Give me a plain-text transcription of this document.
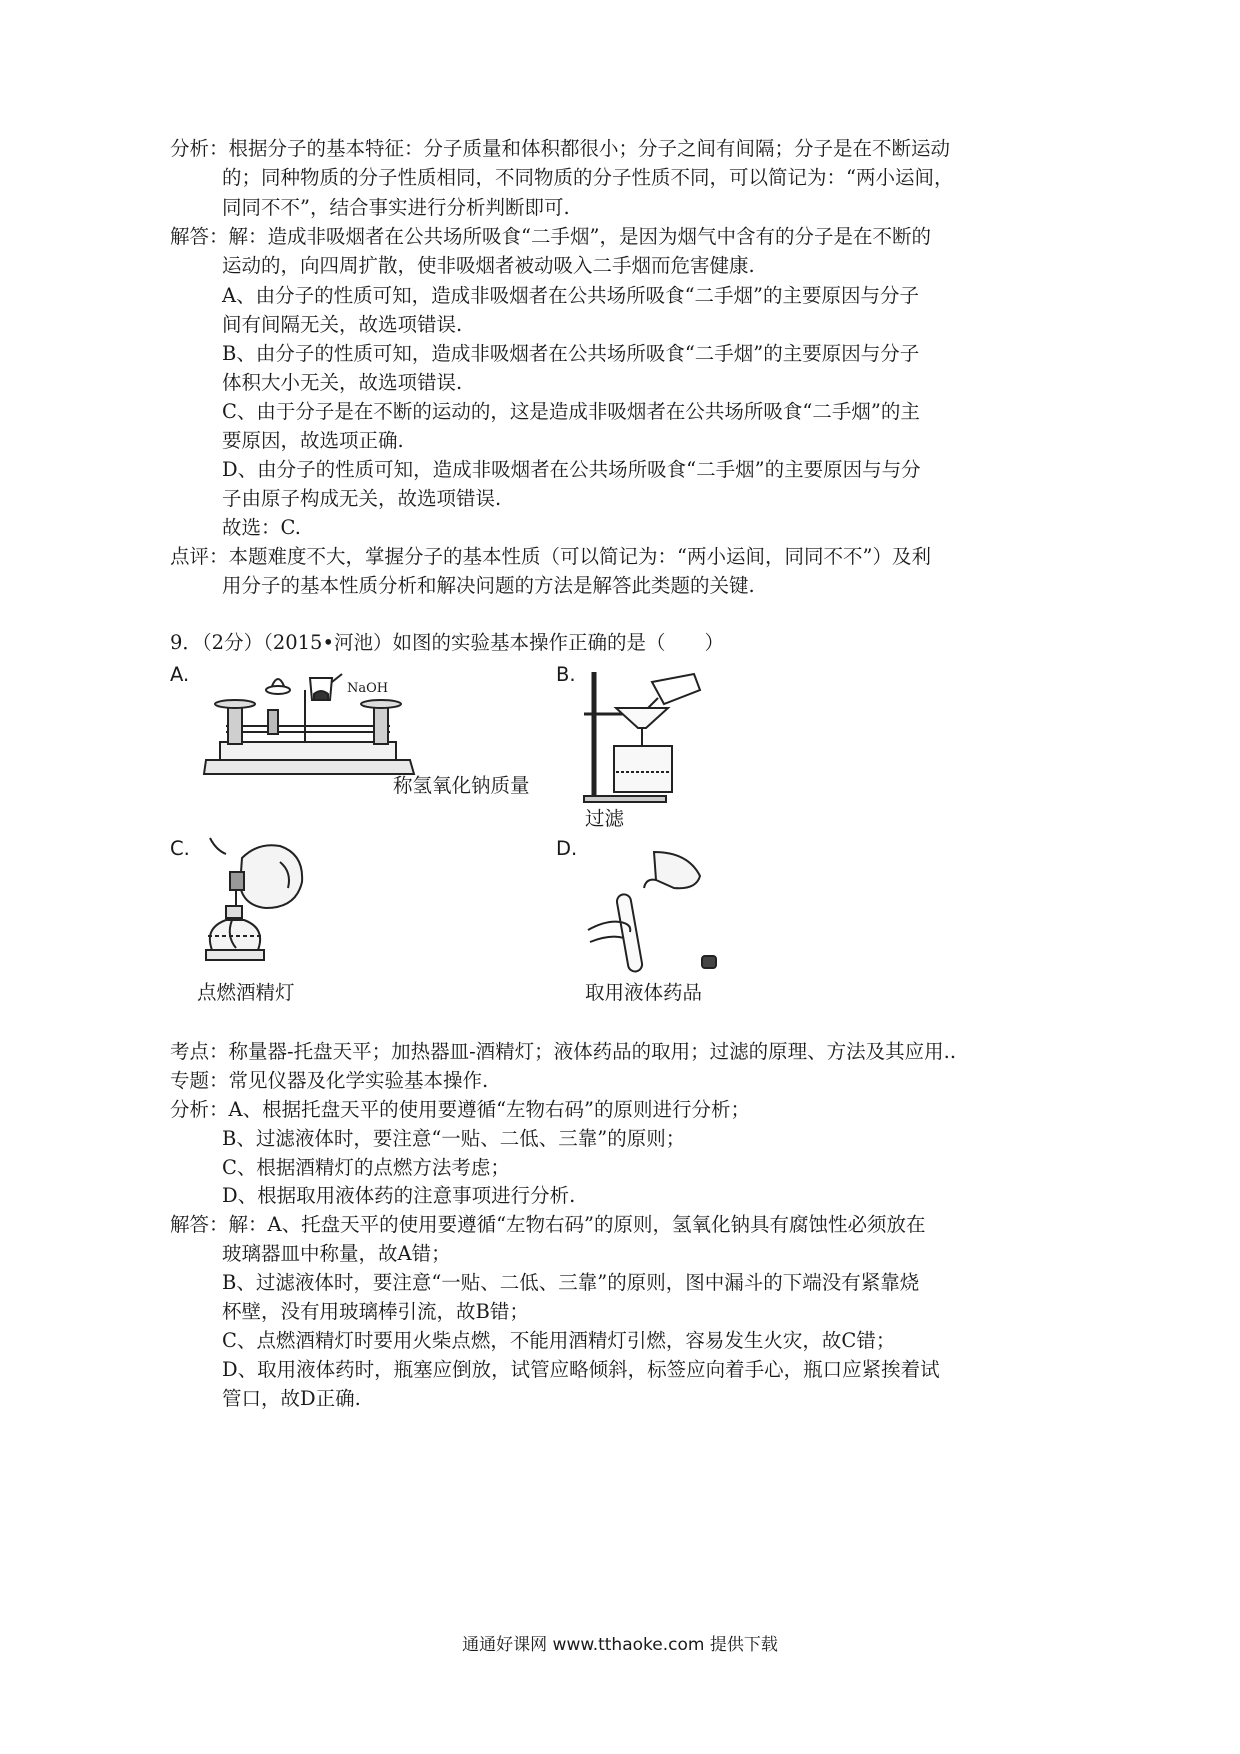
分析：根据分子的基本特征：分子质量和体积都很小；分子之间有间隔；分子是在不断运动
的；同种物质的分子性质相同，不同物质的分子性质不同，可以简记为：“两小运间，
同同不不”，结合事实进行分析判断即可.
解答：解：造成非吸烟者在公共场所吸食“二手烟”，是因为烟气中含有的分子是在不断的
运动的，向四周扩散，使非吸烟者被动吸入二手烟而危害健康.
A、由分子的性质可知，造成非吸烟者在公共场所吸食“二手烟”的主要原因与分子
间有间隔无关，故选项错误.
B、由分子的性质可知，造成非吸烟者在公共场所吸食“二手烟”的主要原因与分子
体积大小无关，故选项错误.
C、由于分子是在不断的运动的，这是造成非吸烟者在公共场所吸食“二手烟”的主
要原因，故选项正确.
D、由分子的性质可知，造成非吸烟者在公共场所吸食“二手烟”的主要原因与与分
子由原子构成无关，故选项错误.
故选：C.
点评：本题难度不大，掌握分子的基本性质（可以简记为：“两小运间，同同不不”）及利
用分子的基本性质分析和解决问题的方法是解答此类题的关键.
9．（2分）（2015•河池）如图的实验基本操作正确的是（　　）
A.	B.
C.	D.
NaOH
称氢氧化钠质量
过滤
点燃酒精灯	取用液体药品
考点：称量器-托盘天平；加热器皿-酒精灯；液体药品的取用；过滤的原理、方法及其应用..
专题：常见仪器及化学实验基本操作.
分析：A、根据托盘天平的使用要遵循“左物右码”的原则进行分析；
B、过滤液体时，要注意“一贴、二低、三靠”的原则；
C、根据酒精灯的点燃方法考虑；
D、根据取用液体药的注意事项进行分析.
解答：解：A、托盘天平的使用要遵循“左物右码”的原则，氢氧化钠具有腐蚀性必须放在
玻璃器皿中称量，故A错；
B、过滤液体时，要注意“一贴、二低、三靠”的原则，图中漏斗的下端没有紧靠烧
杯壁，没有用玻璃棒引流，故B错；
C、点燃酒精灯时要用火柴点燃，不能用酒精灯引燃，容易发生火灾，故C错；
D、取用液体药时，瓶塞应倒放，试管应略倾斜，标签应向着手心，瓶口应紧挨着试
管口，故D正确.
通通好课网 www.tthaoke.com 提供下载
